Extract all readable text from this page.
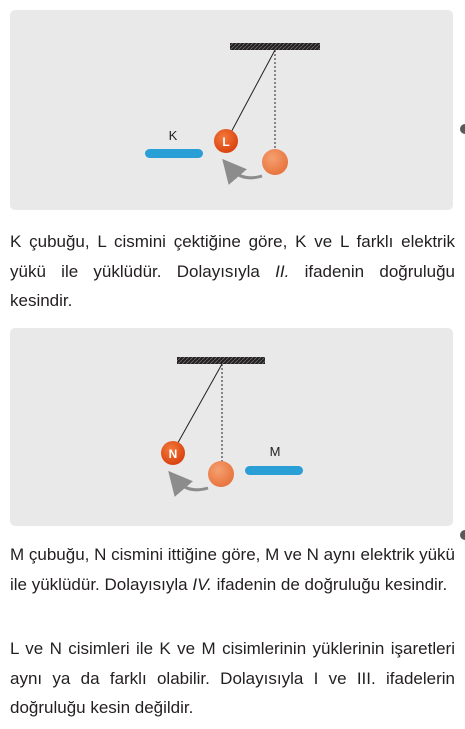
K	L

K çubuğu, L cismini çektiğine göre, K ve L farklı elektrik yükü ile yüklüdür. Dolayısıyla II. ifadenin doğruluğu kesindir.

M
N

M çubuğu, N cismini ittiğine göre, M ve N aynı elektrik yükü ile yüklüdür. Dolayısıyla IV. ifadenin de doğruluğu kesindir.

L ve N cisimleri ile K ve M cisimlerinin yüklerinin işaretleri aynı ya da farklı olabilir. Dolayısıyla I ve III. ifadelerin doğruluğu kesin değildir.
